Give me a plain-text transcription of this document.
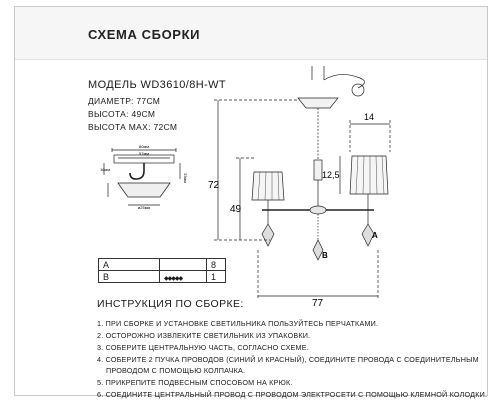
СХЕМА СБОРКИ
МОДЕЛЬ WD3610/8H-WT
ДИАМЕТР: 77СМ
ВЫСОТА: 49СМ
ВЫСОТА MAX: 72СМ
80мм
57мм
16мм
33мм
ø25мм
A		8
B	◆◆◆◆◆	1
72
49
77
14
12,5
A
B
ИНСТРУКЦИЯ ПО СБОРКЕ:
1. ПРИ СБОРКЕ И УСТАНОВКЕ СВЕТИЛЬНИКА ПОЛЬЗУЙТЕСЬ ПЕРЧАТКАМИ.
2. ОСТОРОЖНО ИЗВЛЕКИТЕ СВЕТИЛЬНИК ИЗ УПАКОВКИ.
3. СОБЕРИТЕ ЦЕНТРАЛЬНУЮ ЧАСТЬ, СОГЛАСНО СХЕМЕ.
4. СОБЕРИТЕ 2 ПУЧКА ПРОВОДОВ (СИНИЙ И КРАСНЫЙ), СОЕДИНИТЕ ПРОВОДА С СОЕДИНИТЕЛЬНЫМ
ПРОВОДОМ С ПОМОЩЬЮ КОЛПАЧКА.
5. ПРИКРЕПИТЕ ПОДВЕСНЫМ СПОСОБОМ НА КРЮК.
6. СОЕДИНИТЕ ЦЕНТРАЛЬНЫЙ ПРОВОД С ПРОВОДОМ ЭЛЕКТРОСЕТИ С ПОМОЩЬЮ КЛЕМНОЙ КОЛОДКИ.
